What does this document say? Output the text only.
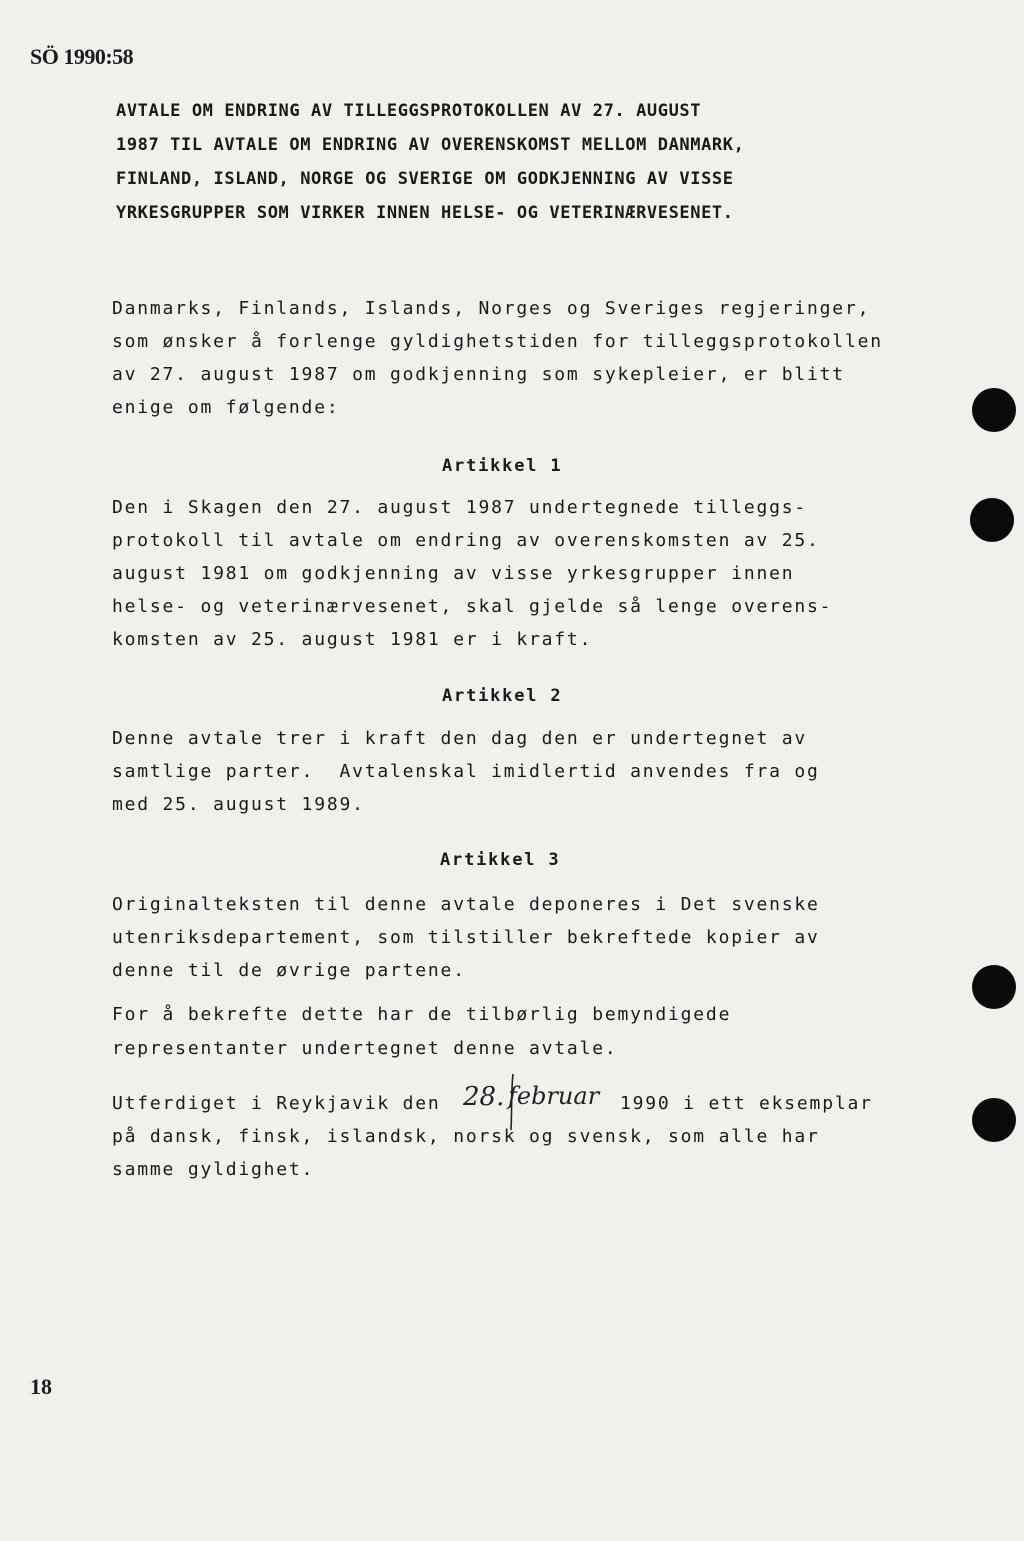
SÖ 1990:58
AVTALE OM ENDRING AV TILLEGGSPROTOKOLLEN AV 27. AUGUST
1987 TIL AVTALE OM ENDRING AV OVERENSKOMST MELLOM DANMARK,
FINLAND, ISLAND, NORGE OG SVERIGE OM GODKJENNING AV VISSE
YRKESGRUPPER SOM VIRKER INNEN HELSE- OG VETERINÆRVESENET.
Danmarks, Finlands, Islands, Norges og Sveriges regjeringer,
som ønsker å forlenge gyldighetstiden for tilleggsprotokollen
av 27. august 1987 om godkjenning som sykepleier, er blitt
enige om følgende:
Artikkel 1
Den i Skagen den 27. august 1987 undertegnede tilleggs-
protokoll til avtale om endring av overenskomsten av 25.
august 1981 om godkjenning av visse yrkesgrupper innen
helse- og veterinærvesenet, skal gjelde så lenge overens-
komsten av 25. august 1981 er i kraft.
Artikkel 2
Denne avtale trer i kraft den dag den er undertegnet av
samtlige parter.  Avtalenskal imidlertid anvendes fra og
med 25. august 1989.
Artikkel 3
Originalteksten til denne avtale deponeres i Det svenske
utenriksdepartement, som tilstiller bekreftede kopier av
denne til de øvrige partene.
For å bekrefte dette har de tilbørlig bemyndigede
representanter undertegnet denne avtale.
Utferdiget i Reykjavik den 28. februar 1990 i ett eksemplar
på dansk, finsk, islandsk, norsk og svensk, som alle har
samme gyldighet.
18
